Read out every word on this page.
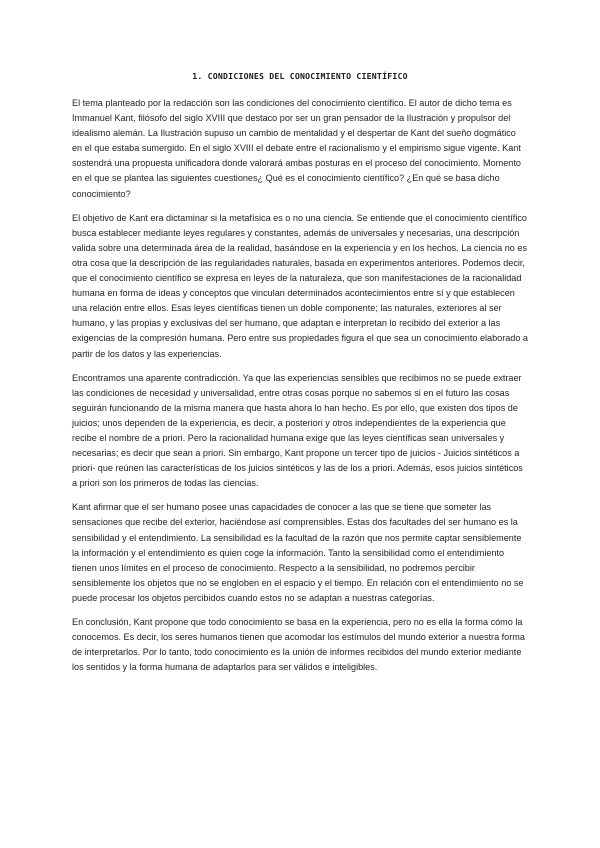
1. CONDICIONES DEL CONOCIMIENTO CIENTÍFICO

El tema planteado por la redacción son las condiciones del conocimiento científico. El autor de dicho tema es Immanuel Kant, filósofo del siglo XVIII que destaco por ser un gran pensador de la Ilustración y propulsor del idealismo alemán. La Ilustración supuso un cambio de mentalidad y el despertar de Kant del sueño dogmático en el que estaba sumergido. En el siglo XVIII el debate entre el racionalismo y el empirismo sigue vigente. Kant sostendrá una propuesta unificadora donde valorará ambas posturas en el proceso del conocimiento. Momento en el que se plantea las siguientes cuestiones¿ Qué es el conocimiento científico? ¿En qué se basa dicho conocimiento?

El objetivo de Kant era dictaminar si la metafísica es o no una ciencia. Se entiende que el conocimiento científico busca establecer mediante leyes regulares y constantes, además de universales y necesarias, una descripción valida sobre una determinada área de la realidad, basándose en la experiencia y en los hechos. La ciencia no es otra cosa que la descripción de las regularidades naturales, basada en experimentos anteriores. Podemos decir, que el conocimiento científico se expresa en leyes de la naturaleza, que son manifestaciones de la racionalidad humana en forma de ideas y conceptos que vinculan determinados acontecimientos entre sí y que establecen una relación entre ellos. Esas leyes científicas tienen un doble componente; las naturales, exteriores al ser humano, y las propias y exclusivas del ser humano, que adaptan e interpretan lo recibido del exterior a las exigencias de la compresión humana. Pero entre sus propiedades figura el que sea un conocimiento elaborado a partir de los datos y las experiencias.

Encontramos una aparente contradicción. Ya que las experiencias sensibles que recibimos no se puede extraer las condiciones de necesidad y universalidad, entre otras cosas porque no sabemos si en el futuro las cosas seguirán funcionando de la misma manera que hasta ahora lo han hecho. Es por ello, que existen dos tipos de juicios; unos dependen de la experiencia, es decir, a posteriori y otros independientes de la experiencia que recibe el nombre de a priori. Pero la racionalidad humana exige que las leyes científicas sean universales y necesarias; es decir que sean a priori. Sin embargo, Kant propone un tercer tipo de juicios - Juicios sintéticos a priori- que reúnen las características de los juicios sintéticos y las de los a priori. Además, esos juicios sintéticos a priori son los primeros de todas las ciencias.

Kant afirmar que el ser humano posee unas capacidades de conocer a las que se tiene que someter las sensaciones que recibe del exterior, haciéndose así comprensibles. Estas dos facultades del ser humano es la sensibilidad y el entendimiento. La sensibilidad es la facultad de la razón que nos permite captar sensiblemente la información y el entendimiento es quien coge la información. Tanto la sensibilidad como el entendimiento tienen unos límites en el proceso de conocimiento. Respecto a la sensibilidad, no podremos percibir sensiblemente los objetos que no se engloben en el espacio y el tiempo. En relación con el entendimiento no se puede procesar los objetos percibidos cuando estos no se adaptan a nuestras categorías.

En conclusión, Kant propone que todo conocimiento se basa en la experiencia, pero no es ella la forma cómo la conocemos. Es decir, los seres humanos tienen que acomodar los estímulos del mundo exterior a nuestra forma de interpretarlos. Por lo tanto, todo conocimiento es la unión de informes recibidos del mundo exterior mediante los sentidos y la forma humana de adaptarlos para ser válidos e inteligibles.
